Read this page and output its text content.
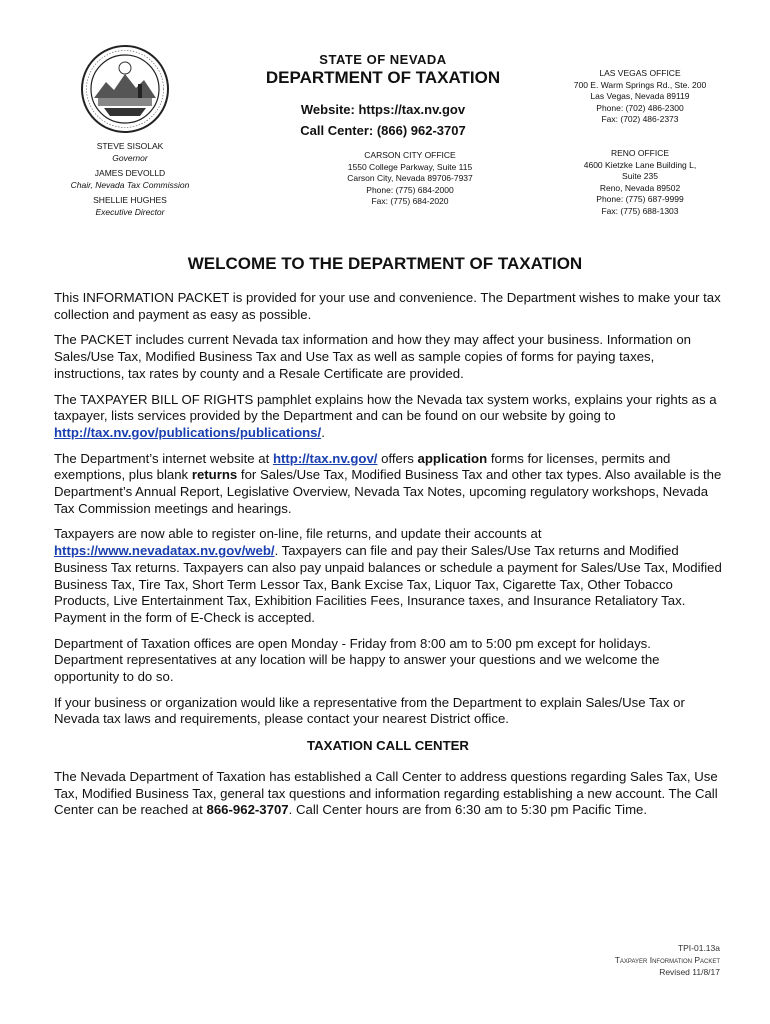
STATE OF NEVADA
DEPARTMENT OF TAXATION
Website: https://tax.nv.gov
Call Center: (866) 962-3707
LAS VEGAS OFFICE
700 E. Warm Springs Rd., Ste. 200
Las Vegas, Nevada 89119
Phone: (702) 486-2300
Fax: (702) 486-2373
STEVE SISOLAK
Governor
JAMES DEVOLLD
Chair, Nevada Tax Commission
SHELLIE HUGHES
Executive Director
CARSON CITY OFFICE
1550 College Parkway, Suite 115
Carson City, Nevada 89706-7937
Phone: (775) 684-2000
Fax: (775) 684-2020
RENO OFFICE
4600 Kietzke Lane Building L,
Suite 235
Reno, Nevada 89502
Phone: (775) 687-9999
Fax: (775) 688-1303
WELCOME TO THE DEPARTMENT OF TAXATION

This INFORMATION PACKET is provided for your use and convenience. The Department wishes to make your tax collection and payment as easy as possible.

The PACKET includes current Nevada tax information and how they may affect your business. Information on Sales/Use Tax, Modified Business Tax and Use Tax as well as sample copies of forms for paying taxes, instructions, tax rates by county and a Resale Certificate are provided.

The TAXPAYER BILL OF RIGHTS pamphlet explains how the Nevada tax system works, explains your rights as a taxpayer, lists services provided by the Department and can be found on our website by going to http://tax.nv.gov/publications/publications/.

The Department’s internet website at http://tax.nv.gov/ offers application forms for licenses, permits and exemptions, plus blank returns for Sales/Use Tax, Modified Business Tax and other tax types. Also available is the Department’s Annual Report, Legislative Overview, Nevada Tax Notes, upcoming regulatory workshops, Nevada Tax Commission meetings and hearings.

Taxpayers are now able to register on-line, file returns, and update their accounts at https://www.nevadatax.nv.gov/web/. Taxpayers can file and pay their Sales/Use Tax returns and Modified Business Tax returns. Taxpayers can also pay unpaid balances or schedule a payment for Sales/Use Tax, Modified Business Tax, Tire Tax, Short Term Lessor Tax, Bank Excise Tax, Liquor Tax, Cigarette Tax, Other Tobacco Products, Live Entertainment Tax, Exhibition Facilities Fees, Insurance taxes, and Insurance Retaliatory Tax. Payment in the form of E-Check is accepted.

Department of Taxation offices are open Monday - Friday from 8:00 am to 5:00 pm except for holidays. Department representatives at any location will be happy to answer your questions and we welcome the opportunity to do so.

If your business or organization would like a representative from the Department to explain Sales/Use Tax or Nevada tax laws and requirements, please contact your nearest District office.

TAXATION CALL CENTER

The Nevada Department of Taxation has established a Call Center to address questions regarding Sales Tax, Use Tax, Modified Business Tax, general tax questions and information regarding establishing a new account. The Call Center can be reached at 866-962-3707. Call Center hours are from 6:30 am to 5:30 pm Pacific Time.

TPI-01.13a
Taxpayer Information Packet
Revised 11/8/17
